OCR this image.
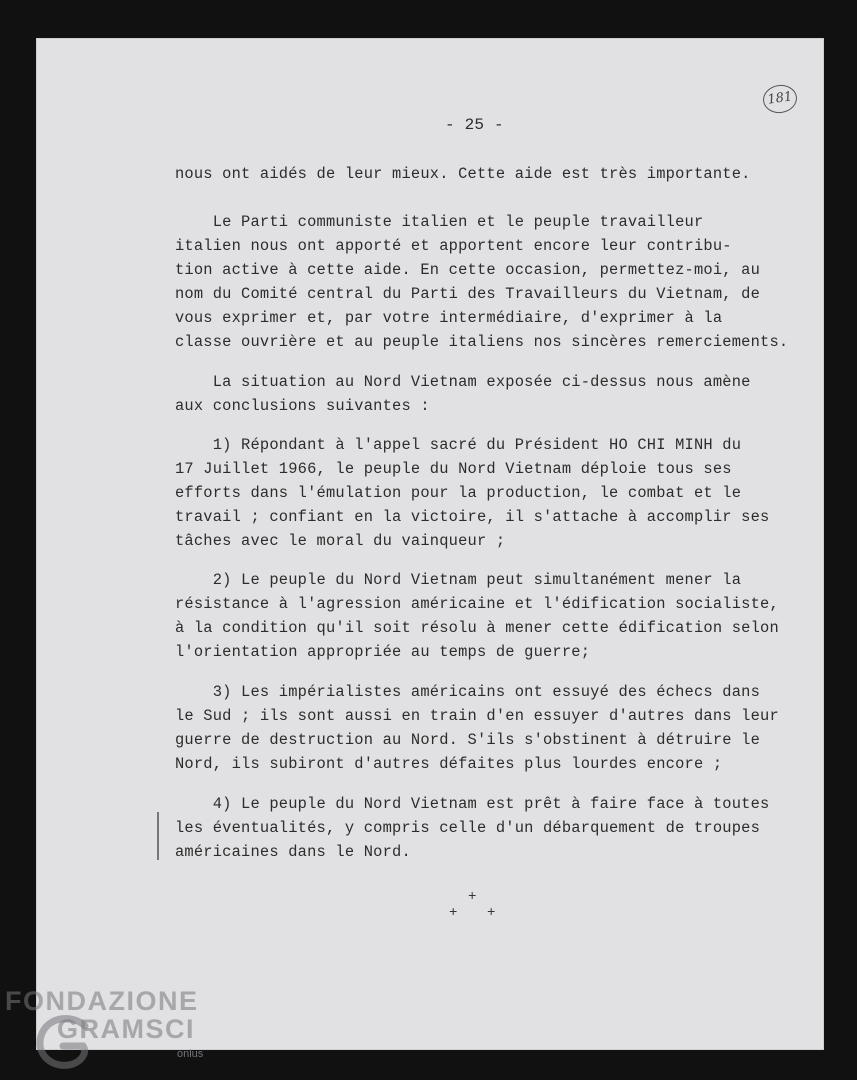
181
- 25 -
nous ont aidés de leur mieux. Cette aide est très importante.
Le Parti communiste italien et le peuple travailleur
italien nous ont apporté et apportent encore leur contribu-
tion active à cette aide. En cette occasion, permettez-moi, au
nom du Comité central du Parti des Travailleurs du Vietnam, de
vous exprimer et, par votre intermédiaire, d'exprimer à la
classe ouvrière et au peuple italiens nos sincères remerciements.
La situation au Nord Vietnam exposée ci-dessus nous amène
aux conclusions suivantes :
1) Répondant à l'appel sacré du Président HO CHI MINH du
17 Juillet 1966, le peuple du Nord Vietnam déploie tous ses
efforts dans l'émulation pour la production, le combat et le
travail ; confiant en la victoire, il s'attache à accomplir ses
tâches avec le moral du vainqueur ;
2) Le peuple du Nord Vietnam peut simultanément mener la
résistance à l'agression américaine et l'édification socialiste,
à la condition qu'il soit résolu à mener cette édification selon
l'orientation appropriée au temps de guerre;
3) Les impérialistes américains ont essuyé des échecs dans
le Sud ; ils sont aussi en train d'en essuyer d'autres dans leur
guerre de destruction au Nord. S'ils s'obstinent à détruire le
Nord, ils subiront d'autres défaites plus lourdes encore ;
4) Le peuple du Nord Vietnam est prêt à faire face à toutes
les éventualités, y compris celle d'un débarquement de troupes
américaines dans le Nord.
+
+ +
FONDAZIONE
GRAMSCI
onlus
